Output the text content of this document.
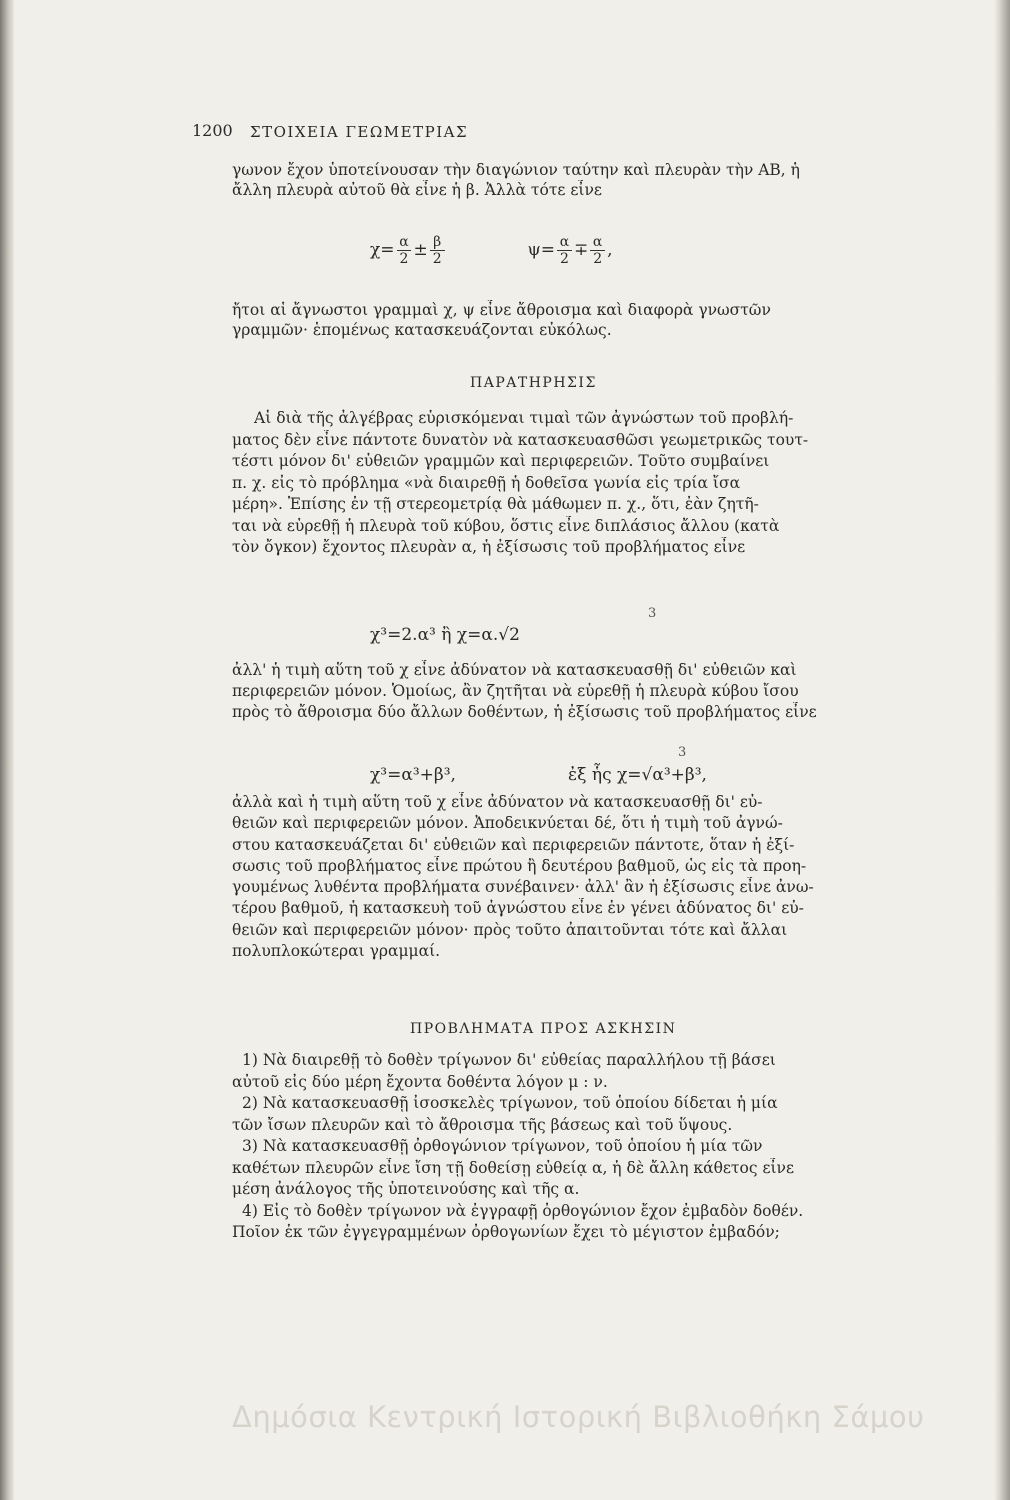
1200 ΣΤΟΙΧΕΙΑ ΓΕΩΜΕΤΡΙΑΣ
γωνον ἔχον ὑποτείνουσαν τὴν διαγώνιον ταύτην καὶ πλευρὰν τὴν ΑΒ, ἡ
ἄλλη πλευρὰ αὐτοῦ θὰ εἶνε ἡ β. Ἀλλὰ τότε εἶνε
$\chi= \frac{\alpha}{2} \pm \frac{\beta}{2}$	$\psi= \frac{\alpha}{2} \mp \frac{\alpha}{2}$ ,
ἤτοι αἱ ἄγνωστοι γραμμαὶ χ, ψ εἶνε ἄθροισμα καὶ διαφορὰ γνωστῶν
γραμμῶν· ἑπομένως κατασκευάζονται εὐκόλως.
ΠΑΡΑΤΗΡΗΣΙΣ
Αἱ διὰ τῆς ἀλγέβρας εὑρισκόμεναι τιμαὶ τῶν ἀγνώστων τοῦ προβλή-
ματος δὲν εἶνε πάντοτε δυνατὸν νὰ κατασκευασθῶσι γεωμετρικῶς τουτ-
τέστι μόνον δι' εὐθειῶν γραμμῶν καὶ περιφερειῶν. Τοῦτο συμβαίνει
π. χ. εἰς τὸ πρόβλημα «νὰ διαιρεθῇ ἡ δοθεῖσα γωνία εἰς τρία ἴσα
μέρη». Ἐπίσης ἐν τῇ στερεομετρίᾳ θὰ μάθωμεν π. χ., ὅτι, ἐὰν ζητῆ-
ται νὰ εὑρεθῇ ἡ πλευρὰ τοῦ κύβου, ὅστις εἶνε διπλάσιος ἄλλου (κατὰ
τὸν ὄγκον) ἔχοντος πλευρὰν α, ἡ ἐξίσωσις τοῦ προβλήματος εἶνε
3
χ³=2.α³ ἢ χ=α.√2
ἀλλ' ἡ τιμὴ αὕτη τοῦ χ εἶνε ἀδύνατον νὰ κατασκευασθῇ δι' εὐθειῶν καὶ
περιφερειῶν μόνον. Ὁμοίως, ἂν ζητῆται νὰ εὑρεθῇ ἡ πλευρὰ κύβου ἴσου
πρὸς τὸ ἄθροισμα δύο ἄλλων δοθέντων, ἡ ἐξίσωσις τοῦ προβλήματος εἶνε
3
χ³=α³+β³,	ἐξ ἧς χ=√α³+β³,
ἀλλὰ καὶ ἡ τιμὴ αὕτη τοῦ χ εἶνε ἀδύνατον νὰ κατασκευασθῇ δι' εὐ-
θειῶν καὶ περιφερειῶν μόνον. Ἀποδεικνύεται δέ, ὅτι ἡ τιμὴ τοῦ ἀγνώ-
στου κατασκευάζεται δι' εὐθειῶν καὶ περιφερειῶν πάντοτε, ὅταν ἡ ἐξί-
σωσις τοῦ προβλήματος εἶνε πρώτου ἢ δευτέρου βαθμοῦ, ὡς εἰς τὰ προη-
γουμένως λυθέντα προβλήματα συνέβαινεν· ἀλλ' ἂν ἡ ἐξίσωσις εἶνε ἀνω-
τέρου βαθμοῦ, ἡ κατασκευὴ τοῦ ἀγνώστου εἶνε ἐν γένει ἀδύνατος δι' εὐ-
θειῶν καὶ περιφερειῶν μόνον· πρὸς τοῦτο ἀπαιτοῦνται τότε καὶ ἄλλαι
πολυπλοκώτεραι γραμμαί.
ΠΡΟΒΛΗΜΑΤΑ ΠΡΟΣ ΑΣΚΗΣΙΝ
1) Νὰ διαιρεθῇ τὸ δοθὲν τρίγωνον δι' εὐθείας παραλλήλου τῇ βάσει
αὐτοῦ εἰς δύο μέρη ἔχοντα δοθέντα λόγον μ : ν.
2) Νὰ κατασκευασθῇ ἰσοσκελὲς τρίγωνον, τοῦ ὁποίου δίδεται ἡ μία
τῶν ἴσων πλευρῶν καὶ τὸ ἄθροισμα τῆς βάσεως καὶ τοῦ ὕψους.
3) Νὰ κατασκευασθῇ ὀρθογώνιον τρίγωνον, τοῦ ὁποίου ἡ μία τῶν
καθέτων πλευρῶν εἶνε ἴση τῇ δοθείσῃ εὐθείᾳ α, ἡ δὲ ἄλλη κάθετος εἶνε
μέση ἀνάλογος τῆς ὑποτεινούσης καὶ τῆς α.
4) Εἰς τὸ δοθὲν τρίγωνον νὰ ἐγγραφῇ ὀρθογώνιον ἔχον ἐμβαδὸν δοθέν.
Ποῖον ἐκ τῶν ἐγγεγραμμένων ὀρθογωνίων ἔχει τὸ μέγιστον ἐμβαδόν;
Δημόσια Κεντρική Ιστορική Βιβλιοθήκη Σάμου
